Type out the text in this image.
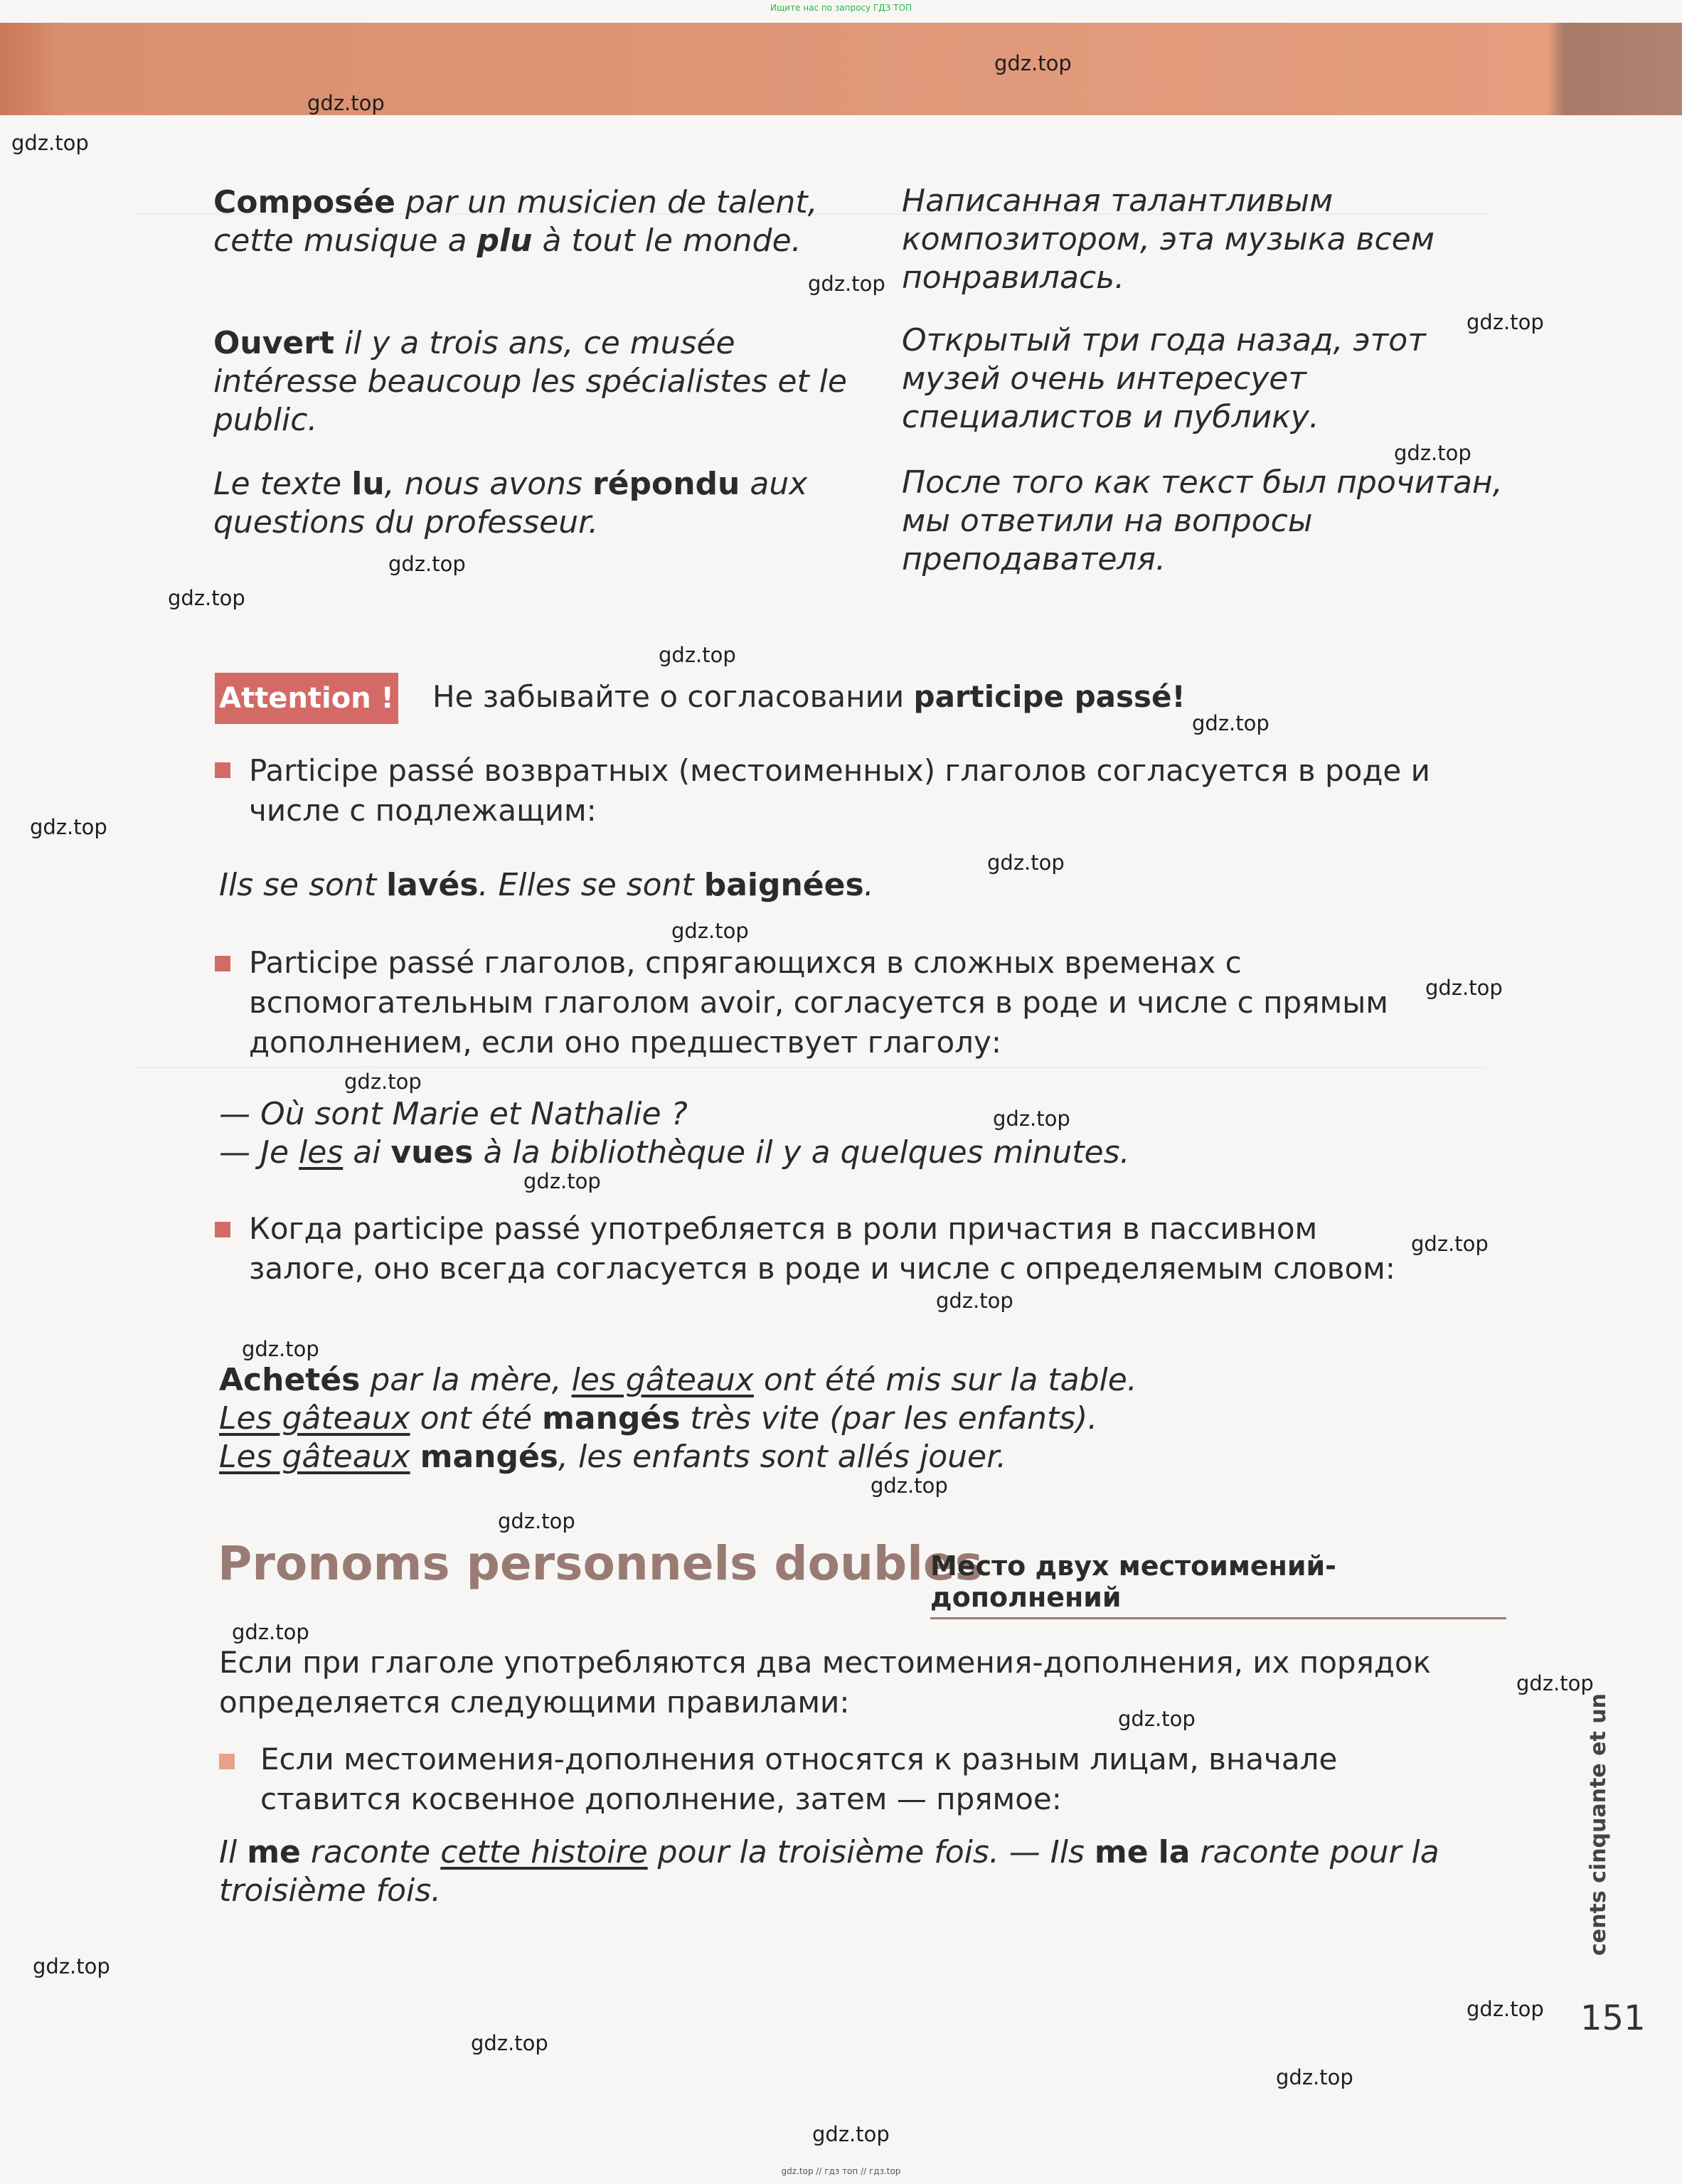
Ищите нас по запросу ГДЗ ТОП
Composée par un musicien de talent, cette musique a plu à tout le monde.
Написанная талантливым композитором, эта музыка всем понравилась.
Ouvert il y a trois ans, ce musée intéresse beaucoup les spécialistes et le public.
Открытый три года назад, этот музей очень интересует специалистов и публику.
Le texte lu, nous avons répondu aux questions du professeur.
После того как текст был прочитан, мы ответили на вопросы преподавателя.
Attention ! Не забывайте о согласовании participe passé!
Participe passé возвратных (местоименных) глаголов согласуется в роде и числе с подлежащим:
Ils se sont lavés. Elles se sont baignées.
Participe passé глаголов, спрягающихся в сложных временах с вспомогательным глаголом avoir, согласуется в роде и числе с прямым дополнением, если оно предшествует глаголу:
— Où sont Marie et Nathalie ?
— Je les ai vues à la bibliothèque il y a quelques minutes.
Когда participe passé употребляется в роли причастия в пассивном залоге, оно всегда согласуется в роде и числе с определяемым словом:
Achetés par la mère, les gâteaux ont été mis sur la table.
Les gâteaux ont été mangés très vite (par les enfants).
Les gâteaux mangés, les enfants sont allés jouer.
Pronoms personnels doubles
Место двух местоимений-дополнений
Если при глаголе употребляются два местоимения-дополнения, их порядок определяется следующими правилами:
Если местоимения-дополнения относятся к разным лицам, вначале ставится косвенное дополнение, затем — прямое:
Il me raconte cette histoire pour la troisième fois. — Ils me la raconte pour la troisième fois.	cents cinquante et un
151
gdz.top
gdz.top
gdz.top
gdz.top
gdz.top
gdz.top
gdz.top
gdz.top
gdz.top
gdz.top
gdz.top
gdz.top
gdz.top
gdz.top
gdz.top
gdz.top
gdz.top
gdz.top
gdz.top
gdz.top
gdz.top
gdz.top
gdz.top
gdz.top
gdz.top
gdz.top
gdz.top
gdz.top
gdz.top
gdz.top
gdz.top // гдз топ // гдз.top
